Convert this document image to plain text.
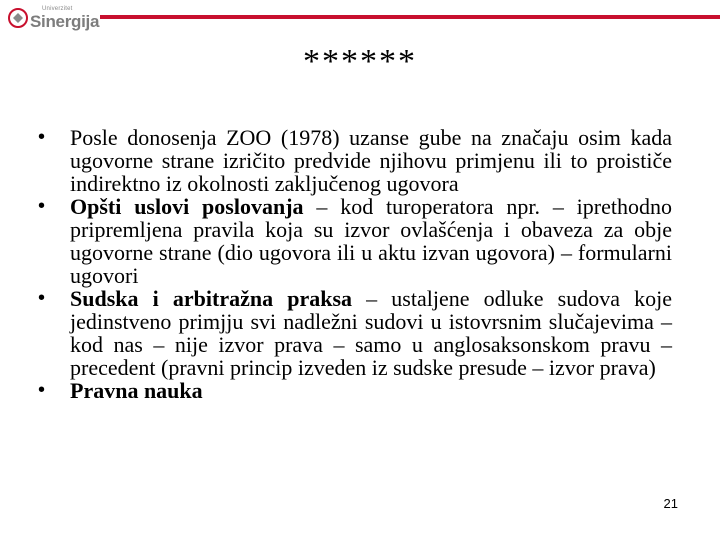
Univerzitet
Sinergija
******

•	Posle donosenja ZOO (1978) uzanse gube na značaju osim kada ugovorne strane izričito predvide njihovu primjenu ili to proističe indirektno iz okolnosti zaključenog ugovora

•	Opšti uslovi poslovanja – kod turoperatora npr. – iprethodno pripremljena pravila koja su izvor ovlašćenja i obaveza za obje ugovorne strane (dio ugovora ili u aktu izvan ugovora) – formularni ugovori

•	Sudska i arbitražna praksa – ustaljene odluke sudova koje jedinstveno primjju svi nadležni sudovi u istovrsnim slučajevima – kod nas – nije izvor prava – samo u anglosaksonskom pravu – precedent (pravni princip izveden iz sudske presude – izvor prava)

•	Pravna nauka

21
